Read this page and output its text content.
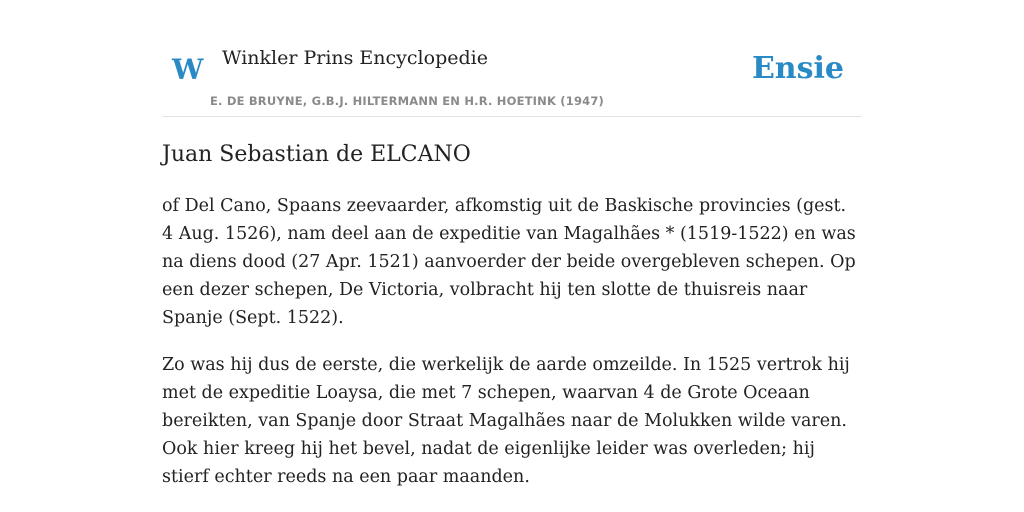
W Winkler Prins Encyclopedie
E. DE BRUYNE, G.B.J. HILTERMANN EN H.R. HOETINK (1947)
Ensie
Juan Sebastian de ELCANO

of Del Cano, Spaans zeevaarder, afkomstig uit de Baskische provincies (gest. 4 Aug. 1526), nam deel aan de expeditie van Magalhães * (1519-1522) en was na diens dood (27 Apr. 1521) aanvoerder der beide overgebleven schepen. Op een dezer schepen, De Victoria, volbracht hij ten slotte de thuisreis naar Spanje (Sept. 1522).

Zo was hij dus de eerste, die werkelijk de aarde omzeilde. In 1525 vertrok hij met de expeditie Loaysa, die met 7 schepen, waarvan 4 de Grote Oceaan bereikten, van Spanje door Straat Magalhães naar de Molukken wilde varen. Ook hier kreeg hij het bevel, nadat de eigenlijke leider was overleden; hij stierf echter reeds na een paar maanden.
